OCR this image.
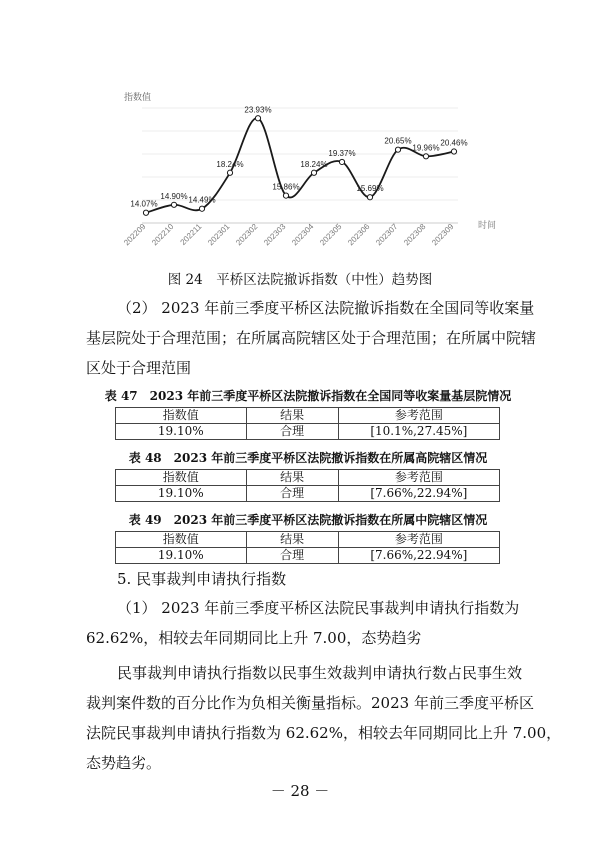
指数值
时间
14.07%
14.90% 14.49%
18.24%
23.93%
15.86%
18.24%
19.37%
15.69%
20.65%
19.96%
20.46%
202209 202210 202211 202301 202302 202303 202304 202305 202306 202307 202308 202309
图 24　平桥区法院撤诉指数（中性）趋势图
（2） 2023 年前三季度平桥区法院撤诉指数在全国同等收案量
基层院处于合理范围；在所属高院辖区处于合理范围；在所属中院辖
区处于合理范围
表 47　2023 年前三季度平桥区法院撤诉指数在全国同等收案量基层院情况
指数值	结果	参考范围
19.10%	合理	[10.1%,27.45%]
表 48　2023 年前三季度平桥区法院撤诉指数在所属高院辖区情况
指数值	结果	参考范围
19.10%	合理	[7.66%,22.94%]
表 49　2023 年前三季度平桥区法院撤诉指数在所属中院辖区情况
指数值	结果	参考范围
19.10%	合理	[7.66%,22.94%]
5. 民事裁判申请执行指数
（1） 2023 年前三季度平桥区法院民事裁判申请执行指数为
62.62%，相较去年同期同比上升 7.00，态势趋劣
民事裁判申请执行指数以民事生效裁判申请执行数占民事生效
裁判案件数的百分比作为负相关衡量指标。2023 年前三季度平桥区
法院民事裁判申请执行指数为 62.62%，相较去年同期同比上升 7.00，
态势趋劣。
－ 28 －
